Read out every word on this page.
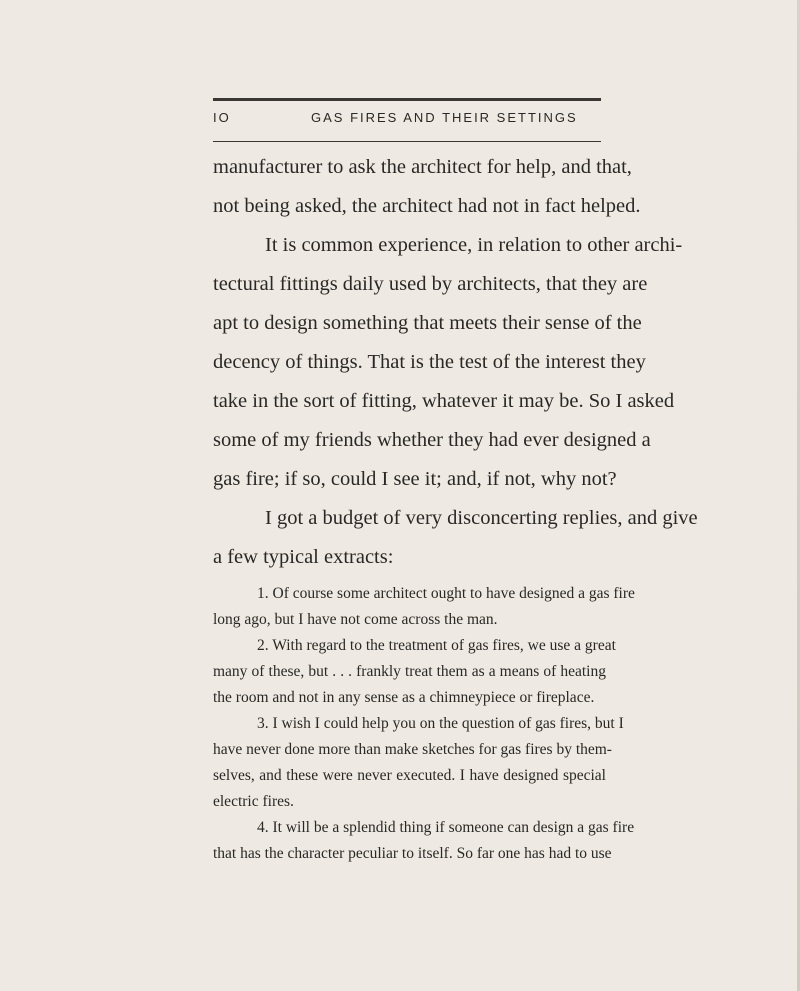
IO	GAS FIRES AND THEIR SETTINGS

manufacturer to ask the architect for help, and that,
not being asked, the architect had not in fact helped.

It is common experience, in relation to other archi-
tectural fittings daily used by architects, that they are
apt to design something that meets their sense of the
decency of things. That is the test of the interest they
take in the sort of fitting, whatever it may be. So I asked
some of my friends whether they had ever designed a
gas fire; if so, could I see it; and, if not, why not?

I got a budget of very disconcerting replies, and give
a few typical extracts:

1. Of course some architect ought to have designed a gas fire
long ago, but I have not come across the man.

2. With regard to the treatment of gas fires, we use a great
many of these, but . . . frankly treat them as a means of heating
the room and not in any sense as a chimneypiece or fireplace.

3. I wish I could help you on the question of gas fires, but I
have never done more than make sketches for gas fires by them-
selves, and these were never executed. I have designed special
electric fires.

4. It will be a splendid thing if someone can design a gas fire
that has the character peculiar to itself. So far one has had to use
